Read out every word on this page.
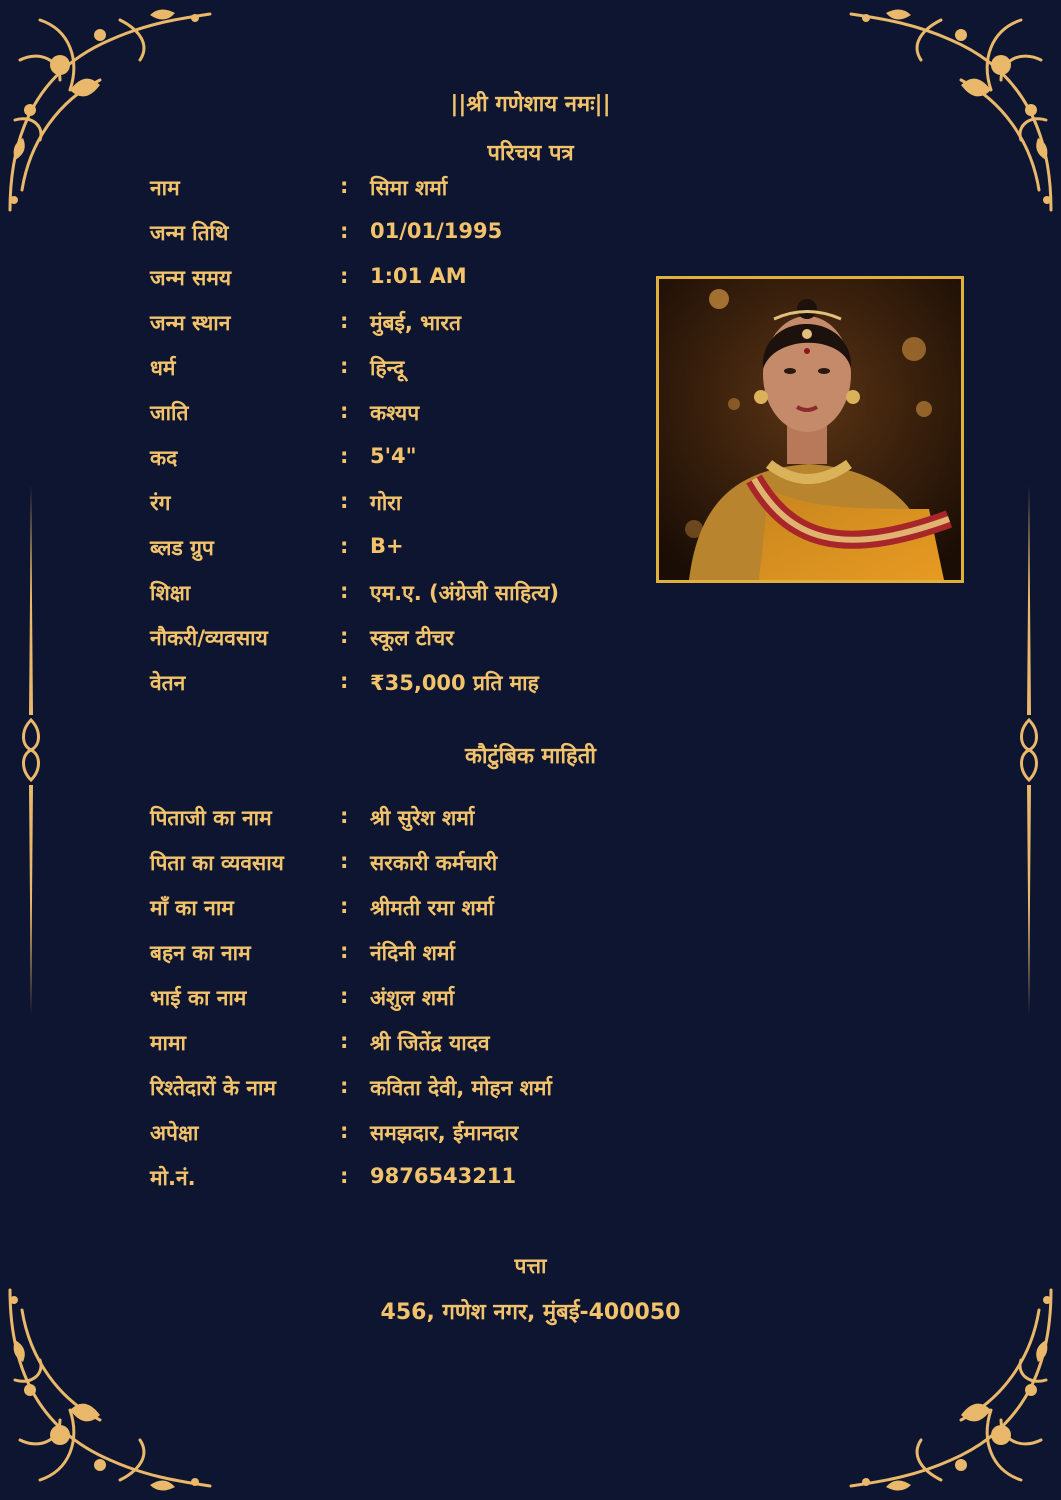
||श्री गणेशाय नमः||
परिचय पत्र
नाम	: सिमा शर्मा
जन्म तिथि	: 01/01/1995
जन्म समय	: 1:01 AM
जन्म स्थान	: मुंबई, भारत
धर्म	: हिन्दू
जाति	: कश्यप
कद	: 5'4"
रंग	: गोरा
ब्लड ग्रुप	: B+
शिक्षा	: एम.ए. (अंग्रेजी साहित्य)
नौकरी/व्यवसाय	: स्कूल टीचर
वेतन	: ₹35,000 प्रति माह
कौटुंबिक माहिती
पिताजी का नाम	: श्री सुरेश शर्मा
पिता का व्यवसाय	: सरकारी कर्मचारी
माँ का नाम	: श्रीमती रमा शर्मा
बहन का नाम	: नंदिनी शर्मा
भाई का नाम	: अंशुल शर्मा
मामा	: श्री जितेंद्र यादव
रिश्तेदारों के नाम	: कविता देवी, मोहन शर्मा
अपेक्षा	: समझदार, ईमानदार
मो.नं.	: 9876543211
पत्ता
456, गणेश नगर, मुंबई-400050
